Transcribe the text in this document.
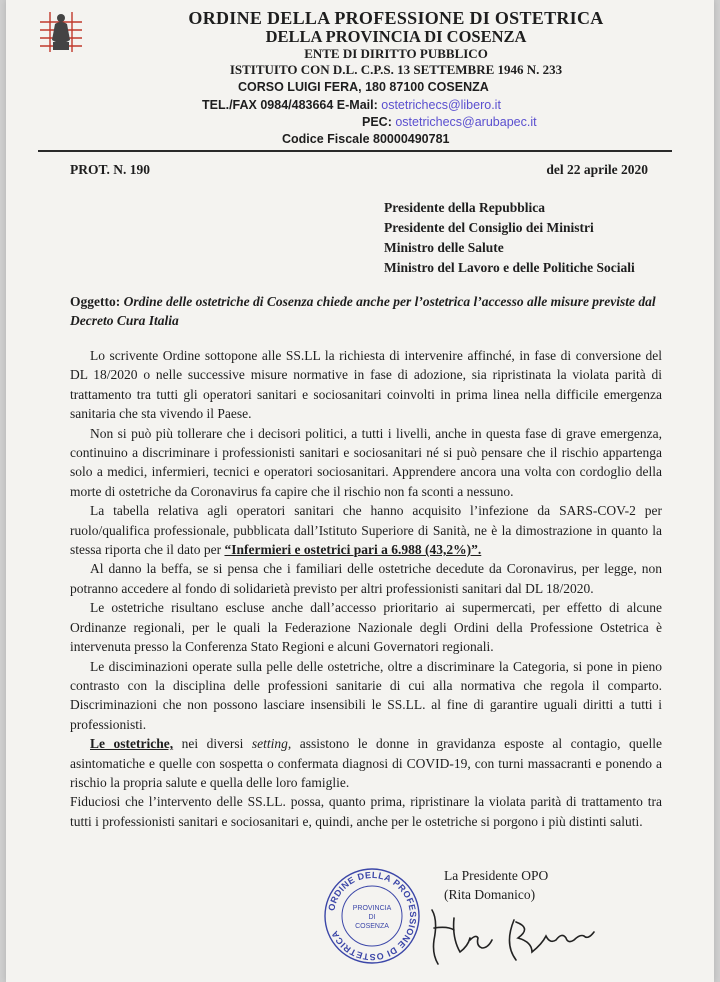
ORDINE DELLA PROFESSIONE DI OSTETRICA
DELLA PROVINCIA DI COSENZA
ENTE DI DIRITTO PUBBLICO
ISTITUITO CON D.L. C.P.S. 13 SETTEMBRE 1946 N. 233
CORSO LUIGI FERA, 180 87100 COSENZA
TEL./FAX 0984/483664 E-Mail: ostetrichecs@libero.it
PEC: ostetrichecs@arubapec.it
Codice Fiscale 80000490781
PROT. N. 190	del 22 aprile 2020
Presidente della Repubblica
Presidente del Consiglio dei Ministri
Ministro delle Salute
Ministro del Lavoro e delle Politiche Sociali
Oggetto: Ordine delle ostetriche di Cosenza chiede anche per l’ostetrica l’accesso alle misure previste dal Decreto Cura Italia

Lo scrivente Ordine sottopone alle SS.LL la richiesta di intervenire affinché, in fase di conversione del DL 18/2020 o nelle successive misure normative in fase di adozione, sia ripristinata la violata parità di trattamento tra tutti gli operatori sanitari e sociosanitari coinvolti in prima linea nella difficile emergenza sanitaria che sta vivendo il Paese.

Non si può più tollerare che i decisori politici, a tutti i livelli, anche in questa fase di grave emergenza, continuino a discriminare i professionisti sanitari e sociosanitari né si può pensare che il rischio appartenga solo a medici, infermieri, tecnici e operatori sociosanitari. Apprendere ancora una volta con cordoglio della morte di ostetriche da Coronavirus fa capire che il rischio non fa sconti a nessuno.

La tabella relativa agli operatori sanitari che hanno acquisito l’infezione da SARS-COV-2 per ruolo/qualifica professionale, pubblicata dall’Istituto Superiore di Sanità, ne è la dimostrazione in quanto la stessa riporta che il dato per “Infermieri e ostetrici pari a 6.988 (43,2%)”.

Al danno la beffa, se si pensa che i familiari delle ostetriche decedute da Coronavirus, per legge, non potranno accedere al fondo di solidarietà previsto per altri professionisti sanitari dal DL 18/2020.

Le ostetriche risultano escluse anche dall’accesso prioritario ai supermercati, per effetto di alcune Ordinanze regionali, per le quali la Federazione Nazionale degli Ordini della Professione Ostetrica è intervenuta presso la Conferenza Stato Regioni e alcuni Governatori regionali.

Le disciminazioni operate sulla pelle delle ostetriche, oltre a discriminare la Categoria, si pone in pieno contrasto con la disciplina delle professioni sanitarie di cui alla normativa che regola il comparto. Discriminazioni che non possono lasciare insensibili le SS.LL. al fine di garantire uguali diritti a tutti i professionisti.

Le ostetriche, nei diversi setting, assistono le donne in gravidanza esposte al contagio, quelle asintomatiche e quelle con sospetta o confermata diagnosi di COVID-19, con turni massacranti e ponendo a rischio la propria salute e quella delle loro famiglie.

Fiduciosi che l’intervento delle SS.LL. possa, quanto prima, ripristinare la violata parità di trattamento tra tutti i professionisti sanitari e sociosanitari e, quindi, anche per le ostetriche si porgono i più distinti saluti.

ORDINE DELLA PROFESSIONE DI OSTETRICA
PROVINCIA
DI
COSENZA
La Presidente OPO
(Rita Domanico)
